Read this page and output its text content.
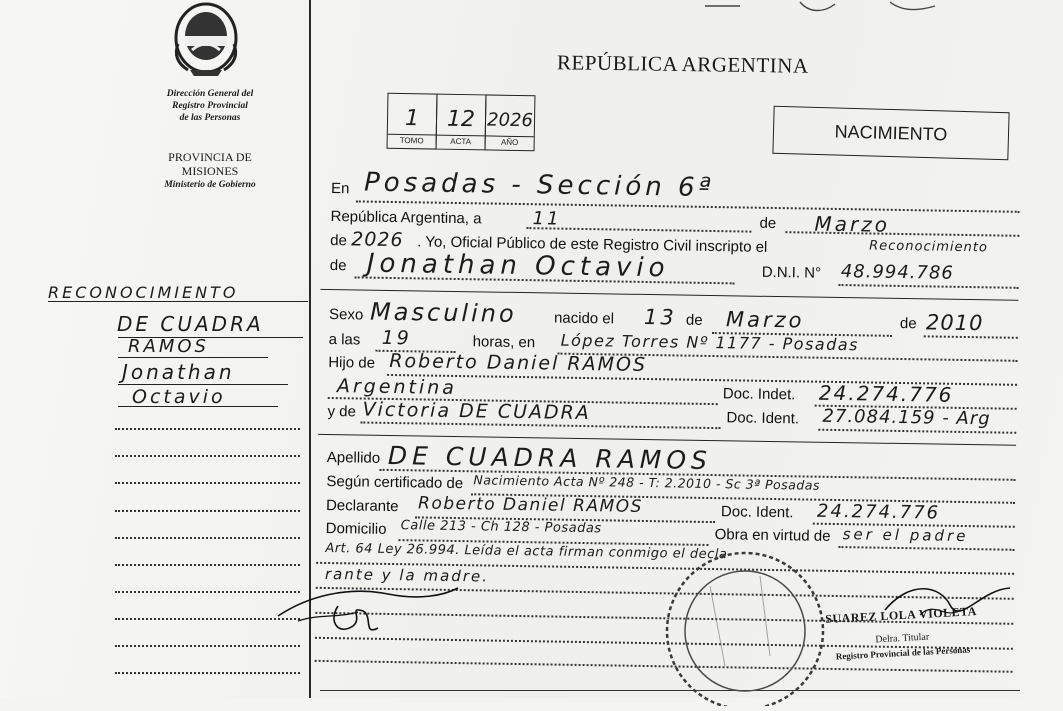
Dirección General del
Registro Provincial
de las Personas
PROVINCIA DE
MISIONES
Ministerio de Gobierno
REPÚBLICA ARGENTINA
1
TOMO
12
ACTA
2026
AÑO	NACIMIENTO
RECONOCIMIENTO
DE CUADRA
RAMOS
Jonathan
Octavio
En Posadas - Sección 6ª
República Argentina, a	11	de Marzo
de 2026 . Yo, Oficial Público de este Registro Civil inscripto el	Reconocimiento
de Jonathan Octavio	D.N.I. N° 48.994.786
Sexo Masculino nacido el 13 de Marzo	de 2010
a las 19	horas, en López Torres Nº 1177 - Posadas
Hijo de Roberto Daniel RAMOS
Argentina	Doc. Indet. 24.274.776
y de Victoria DE CUADRA	Doc. Ident. 27.084.159 - Arg
Apellido DE CUADRA RAMOS
Según certificado de Nacimiento Acta Nº 248 - T: 2.2010 - Sc 3ª Posadas
Declarante Roberto Daniel RAMOS	Doc. Ident. 24.274.776
Domicilio Calle 213 - Ch 128 - Posadas	Obra en virtud de ser el padre
Art. 64 Ley 26.994. Leída el acta firman conmigo el decla-
rante y la madre.
SUAREZ LOLA VIOLETA
Delra. Titular
Registro Provincial de las Personas
